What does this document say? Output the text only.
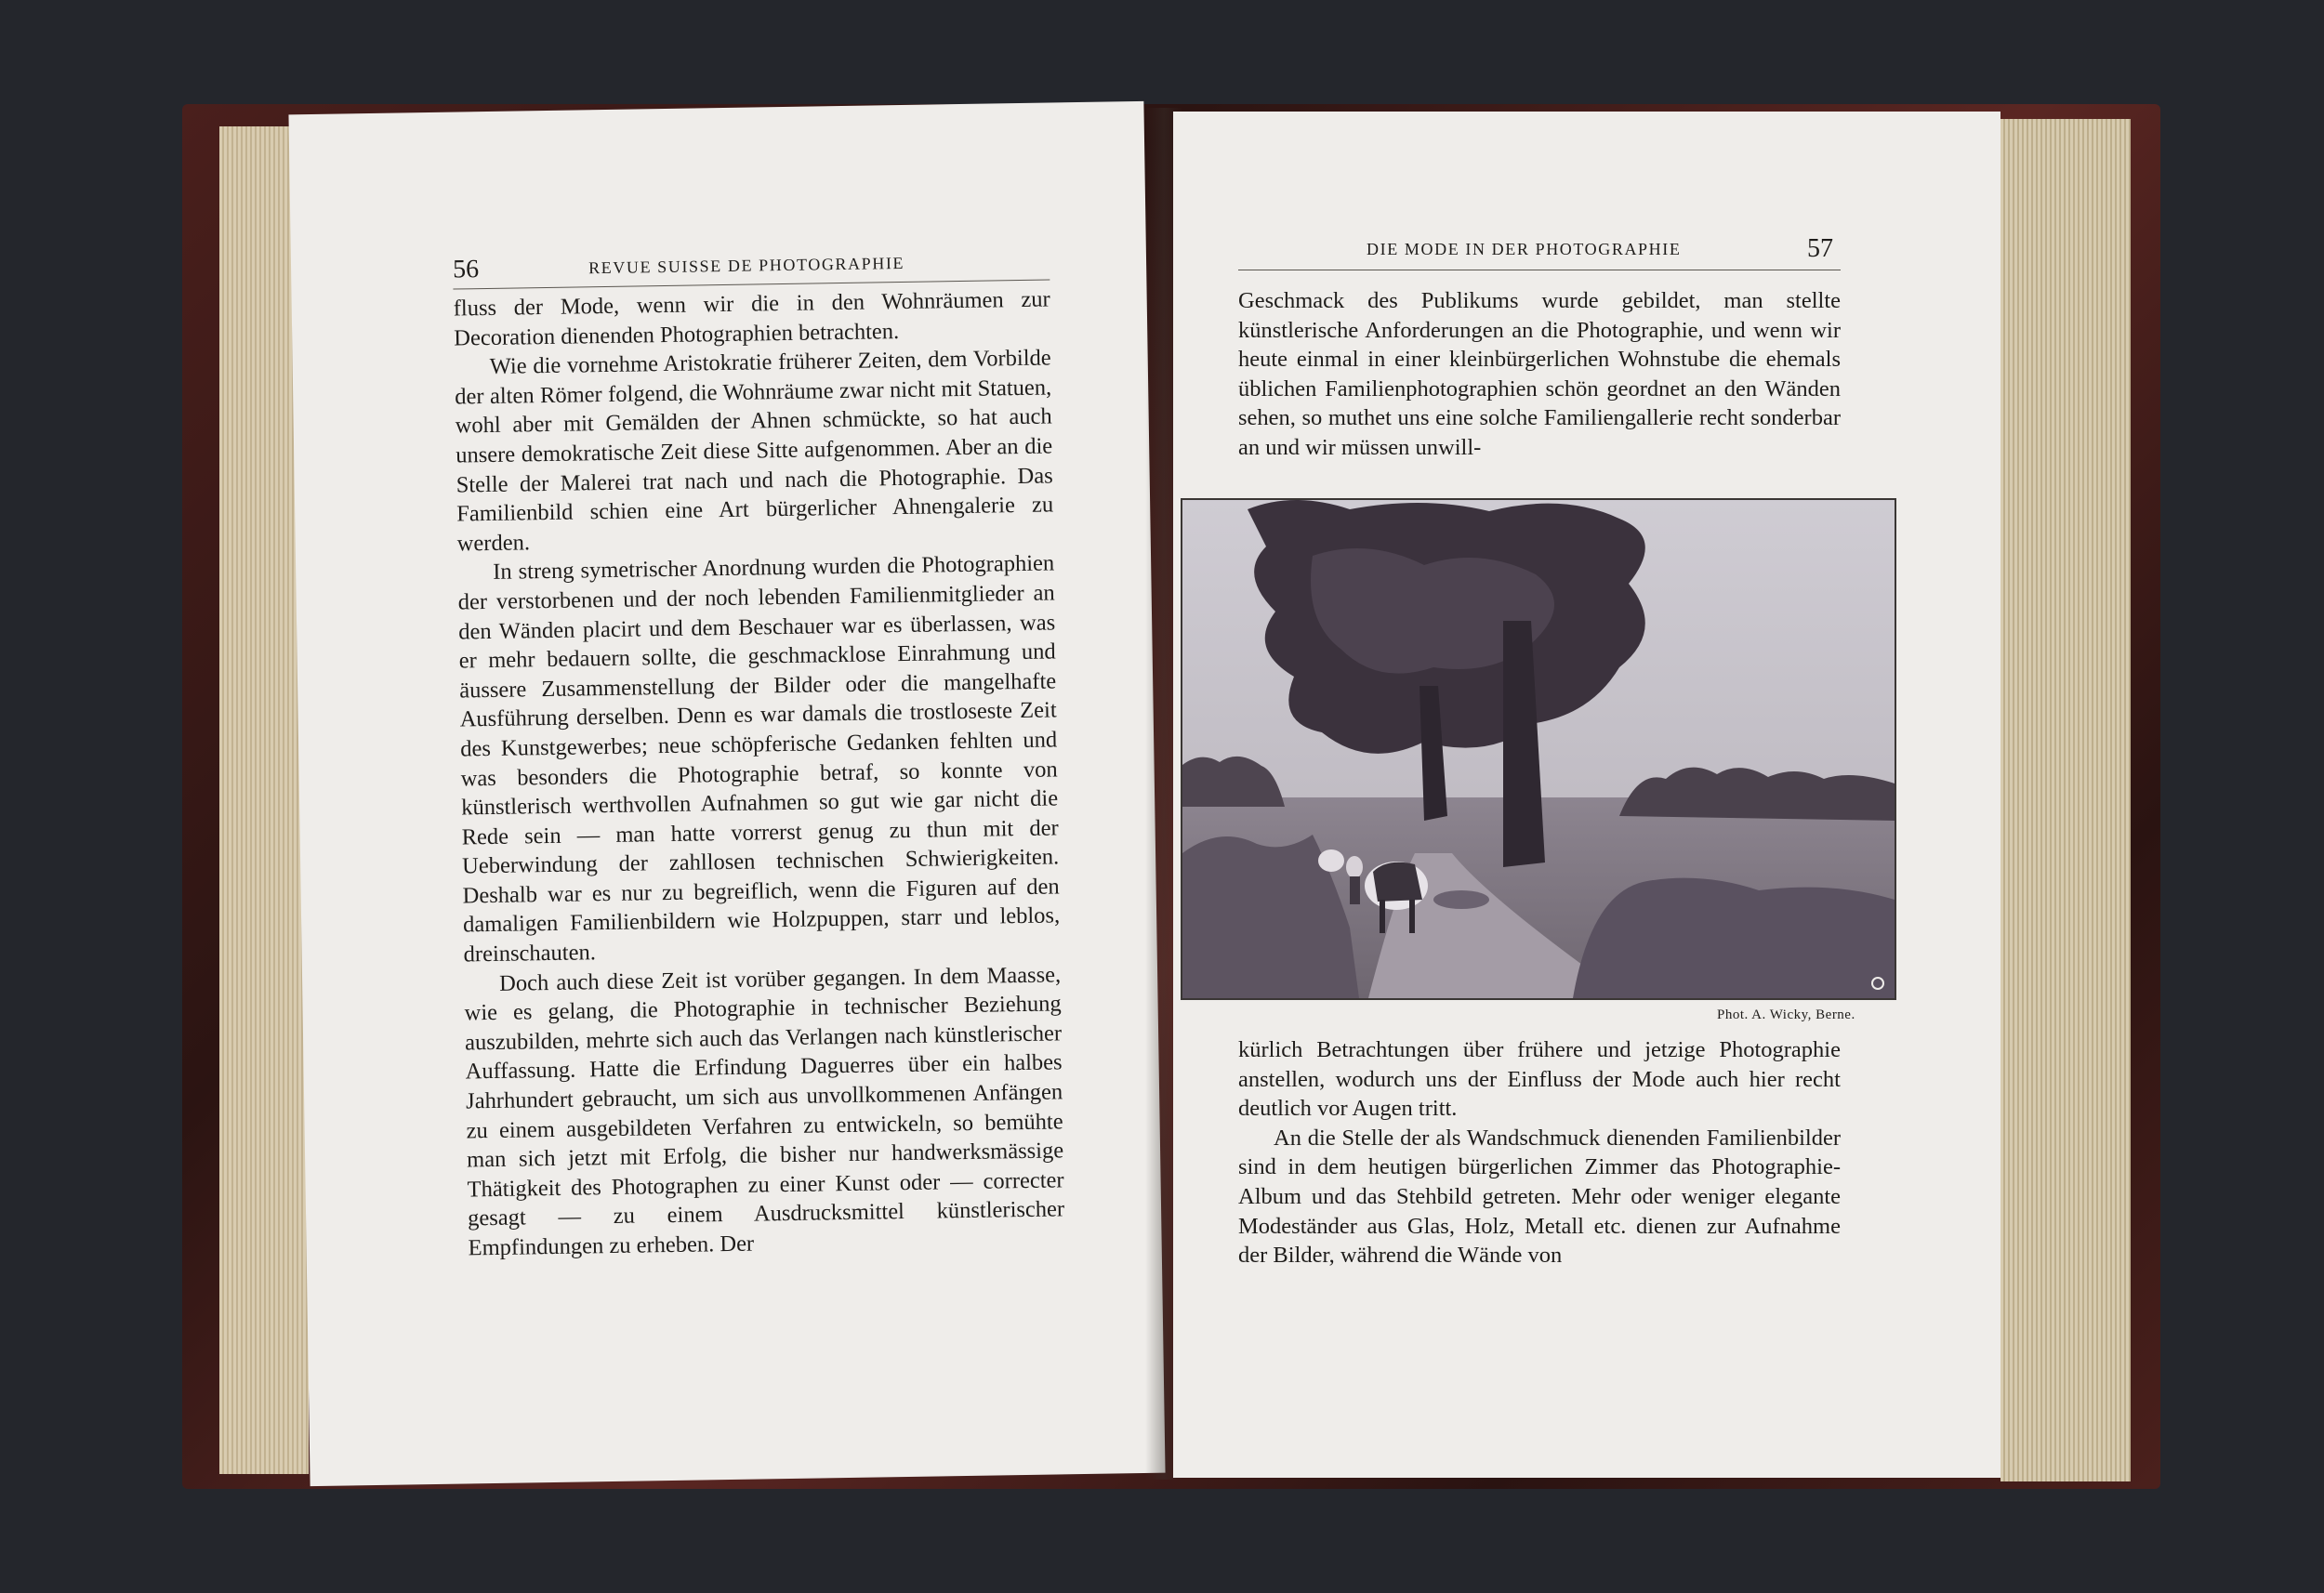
56	REVUE SUISSE DE PHOTOGRAPHIE

fluss der Mode, wenn wir die in den Wohnräumen zur Decoration dienenden Photographien betrachten.

Wie die vornehme Aristokratie früherer Zeiten, dem Vorbilde der alten Römer folgend, die Wohnräume zwar nicht mit Statuen, wohl aber mit Gemälden der Ahnen schmückte, so hat auch unsere demokratische Zeit diese Sitte aufgenommen. Aber an die Stelle der Malerei trat nach und nach die Photographie. Das Familienbild schien eine Art bürgerlicher Ahnengalerie zu werden.

In streng symetrischer Anordnung wurden die Photographien der verstorbenen und der noch lebenden Familienmitglieder an den Wänden placirt und dem Beschauer war es überlassen, was er mehr bedauern sollte, die geschmacklose Einrahmung und äussere Zusammenstellung der Bilder oder die mangelhafte Ausführung derselben. Denn es war damals die trostloseste Zeit des Kunstgewerbes; neue schöpferische Gedanken fehlten und was besonders die Photographie betraf, so konnte von künstlerisch werthvollen Aufnahmen so gut wie gar nicht die Rede sein — man hatte vorrerst genug zu thun mit der Ueberwindung der zahllosen technischen Schwierigkeiten. Deshalb war es nur zu begreiflich, wenn die Figuren auf den damaligen Familienbildern wie Holzpuppen, starr und leblos, dreinschauten.

Doch auch diese Zeit ist vorüber gegangen. In dem Maasse, wie es gelang, die Photographie in technischer Beziehung auszubilden, mehrte sich auch das Verlangen nach künstlerischer Auffassung. Hatte die Erfindung Daguerres über ein halbes Jahrhundert gebraucht, um sich aus unvollkommenen Anfängen zu einem ausgebildeten Verfahren zu entwickeln, so bemühte man sich jetzt mit Erfolg, die bisher nur handwerksmässige Thätigkeit des Photographen zu einer Kunst oder — correcter gesagt — zu einem Ausdrucksmittel künstlerischer Empfindungen zu erheben. Der

DIE MODE IN DER PHOTOGRAPHIE	57

Geschmack des Publikums wurde gebildet, man stellte künstlerische Anforderungen an die Photographie, und wenn wir heute einmal in einer kleinbürgerlichen Wohnstube die ehemals üblichen Familienphotographien schön geordnet an den Wänden sehen, so muthet uns eine solche Familiengallerie recht sonderbar an und wir müssen unwill-

Phot. A. Wicky, Berne.

kürlich Betrachtungen über frühere und jetzige Photographie anstellen, wodurch uns der Einfluss der Mode auch hier recht deutlich vor Augen tritt.

An die Stelle der als Wandschmuck dienenden Familienbilder sind in dem heutigen bürgerlichen Zimmer das Photographie-Album und das Stehbild getreten. Mehr oder weniger elegante Modeständer aus Glas, Holz, Metall etc. dienen zur Aufnahme der Bilder, während die Wände von
